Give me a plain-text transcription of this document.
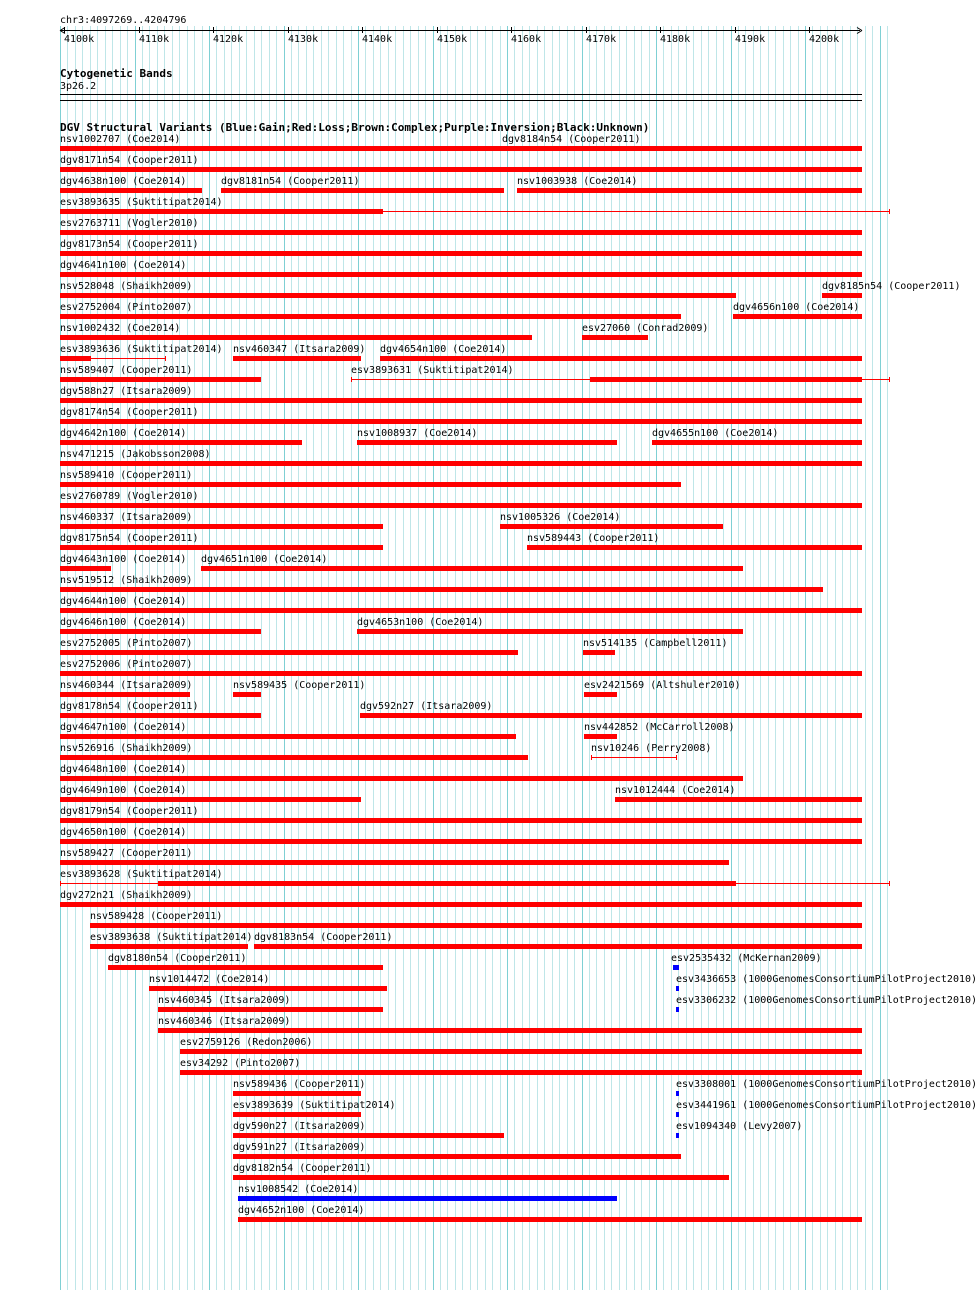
chr3:4097269..4204796
4100k	4110k	4120k	4130k	4140k	4150k	4160k	4170k	4180k	4190k	4200k
Cytogenetic Bands
3p26.2
DGV Structural Variants (Blue:Gain;Red:Loss;Brown:Complex;Purple:Inversion;Black:Unknown)
nsv1002707 (Coe2014)	dgv8184n54 (Cooper2011)
dgv8171n54 (Cooper2011)
dgv4638n100 (Coe2014)	dgv8181n54 (Cooper2011)	nsv1003938 (Coe2014)
esv3893635 (Suktitipat2014)
esv2763711 (Vogler2010)
dgv8173n54 (Cooper2011)
dgv4641n100 (Coe2014)
nsv528048 (Shaikh2009)	dgv8185n54 (Cooper2011)
esv2752004 (Pinto2007)	dgv4656n100 (Coe2014)
nsv1002432 (Coe2014)	esv27060 (Conrad2009)
esv3893636 (Suktitipat2014) nsv460347 (Itsara2009) dgv4654n100 (Coe2014)
nsv589407 (Cooper2011)	esv3893631 (Suktitipat2014)
dgv588n27 (Itsara2009)
dgv8174n54 (Cooper2011)
dgv4642n100 (Coe2014)	nsv1008937 (Coe2014)	dgv4655n100 (Coe2014)
nsv471215 (Jakobsson2008)
nsv589410 (Cooper2011)
esv2760789 (Vogler2010)
nsv460337 (Itsara2009)	nsv1005326 (Coe2014)
dgv8175n54 (Cooper2011)	nsv589443 (Cooper2011)
dgv4643n100 (Coe2014) dgv4651n100 (Coe2014)
nsv519512 (Shaikh2009)
dgv4644n100 (Coe2014)
dgv4646n100 (Coe2014)	dgv4653n100 (Coe2014)
esv2752005 (Pinto2007)	nsv514135 (Campbell2011)
esv2752006 (Pinto2007)
nsv460344 (Itsara2009)	nsv589435 (Cooper2011)	esv2421569 (Altshuler2010)
dgv8178n54 (Cooper2011)	dgv592n27 (Itsara2009)
dgv4647n100 (Coe2014)	nsv442852 (McCarroll2008)
nsv526916 (Shaikh2009)	nsv10246 (Perry2008)
dgv4648n100 (Coe2014)
dgv4649n100 (Coe2014)	nsv1012444 (Coe2014)
dgv8179n54 (Cooper2011)
dgv4650n100 (Coe2014)
nsv589427 (Cooper2011)
esv3893628 (Suktitipat2014)
dgv272n21 (Shaikh2009)
nsv589428 (Cooper2011)
esv3893638 (Suktitipat2014) dgv8183n54 (Cooper2011)
dgv8180n54 (Cooper2011)	esv2535432 (McKernan2009)
nsv1014472 (Coe2014)	esv3436653 (1000GenomesConsortiumPilotProject2010)
nsv460345 (Itsara2009)	esv3306232 (1000GenomesConsortiumPilotProject2010)
nsv460346 (Itsara2009)
esv2759126 (Redon2006)
esv34292 (Pinto2007)
nsv589436 (Cooper2011)	esv3308001 (1000GenomesConsortiumPilotProject2010)
esv3893639 (Suktitipat2014)	esv3441961 (1000GenomesConsortiumPilotProject2010)
dgv590n27 (Itsara2009)	esv1094340 (Levy2007)
dgv591n27 (Itsara2009)
dgv8182n54 (Cooper2011)
nsv1008542 (Coe2014)
dgv4652n100 (Coe2014)
